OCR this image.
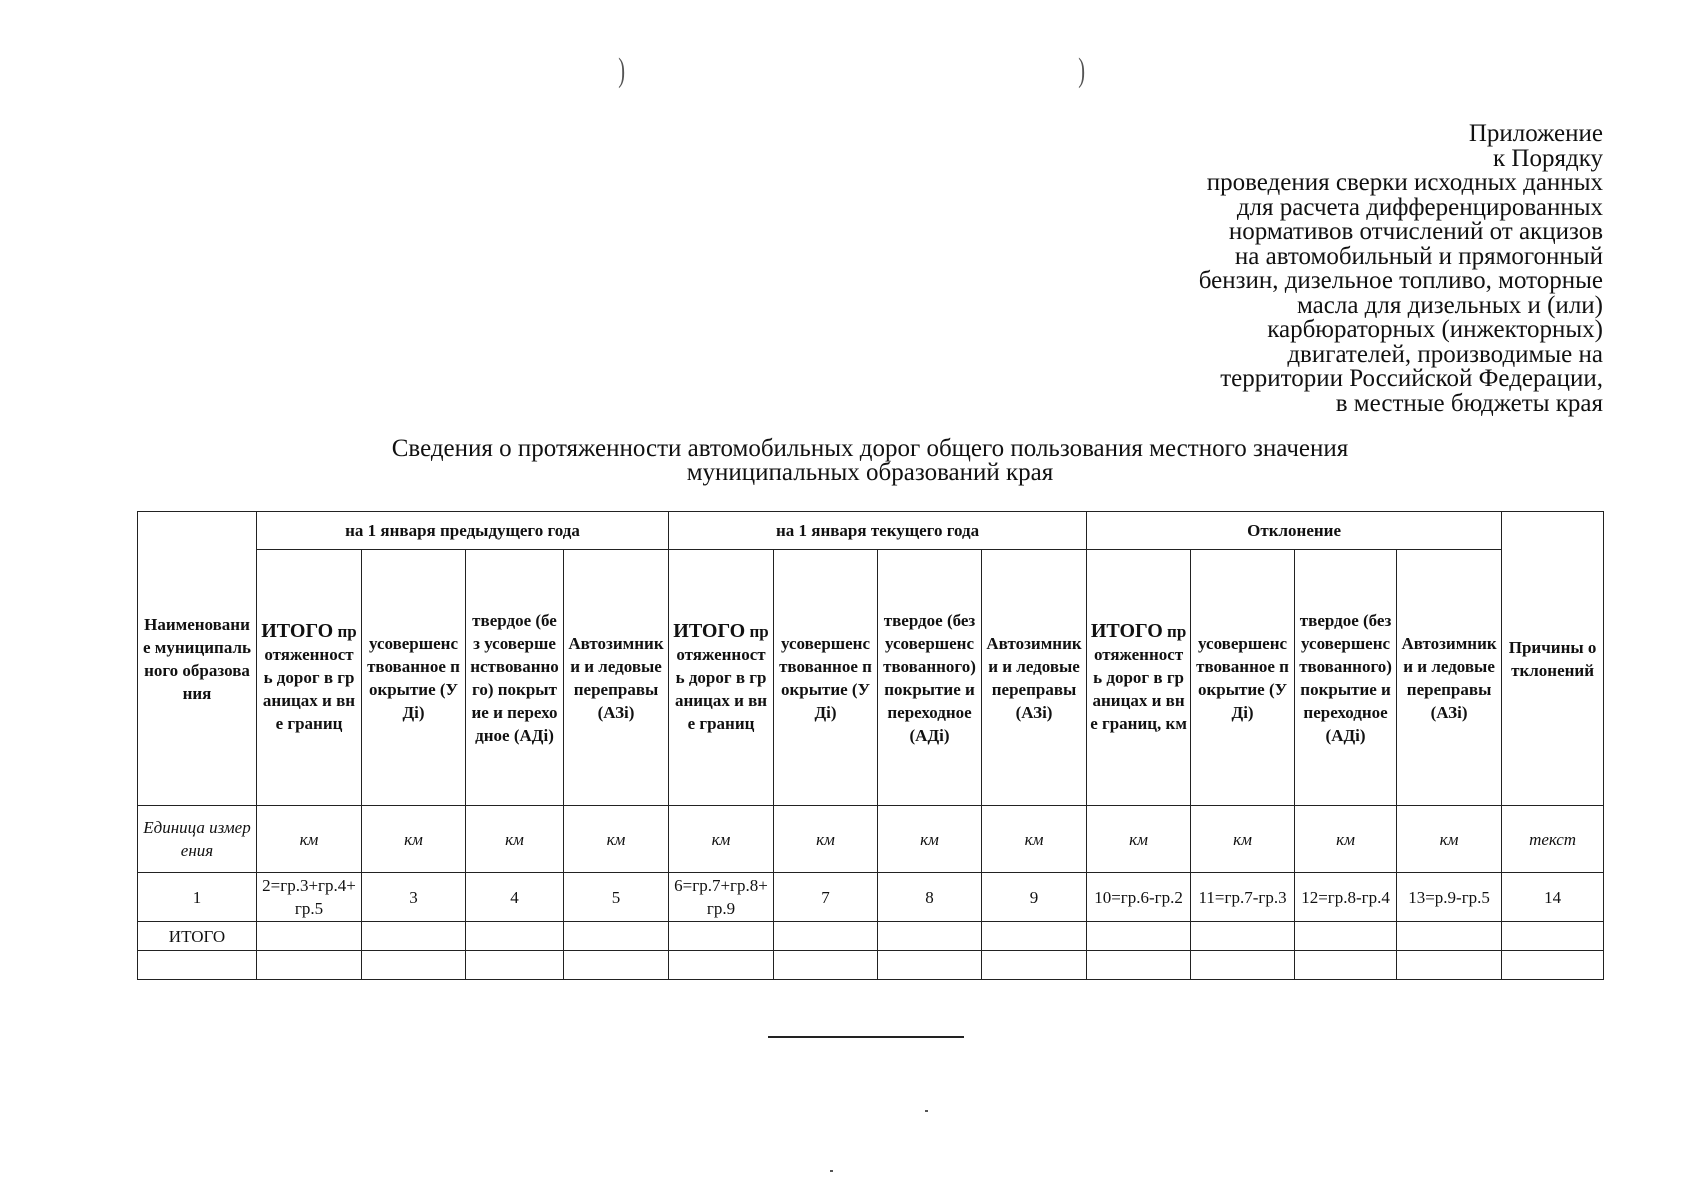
)	)
Приложение
к Порядку
проведения сверки исходных данных
для расчета дифференцированных
нормативов отчислений от акцизов
на автомобильный и прямогонный
бензин, дизельное топливо, моторные
масла для дизельных и (или)
карбюраторных (инжекторных)
двигателей, производимые на
территории Российской Федерации,
в местные бюджеты края
Сведения о протяженности автомобильных дорог общего пользования местного значения
муниципальных образований края
Наименование муниципального образования	на 1 января предыдущего года				на 1 января текущего года				Отклонение				Причины отклонений
	ИТОГО протяженность дорог в границах и вне границ	усовершенствованное покрытие (УДi)	твердое (без усовершенствованного) покрытие и переходное (АДi)	Автозимники и ледовые переправы (АЗi)	ИТОГО протяженность дорог в границах и вне границ	усовершенствованное покрытие (УДi)	твердое (без усовершенствованного) покрытие и переходное (АДi)	Автозимники и ледовые переправы (АЗi)	ИТОГО протяженность дорог в границах и вне границ, км	усовершенствованное покрытие (УДi)	твердое (без усовершенствованного) покрытие и переходное (АДi)	Автозимники и ледовые переправы (АЗi)	
Единица измерения	км	км	км	км	км	км	км	км	км	км	км	км	текст
1	2=гр.3+гр.4+гр.5	3	4	5	6=гр.7+гр.8+гр.9	7	8	9	10=гр.6-гр.2	11=гр.7-гр.3	12=гр.8-гр.4	13=р.9-гр.5	14
ИТОГО													
